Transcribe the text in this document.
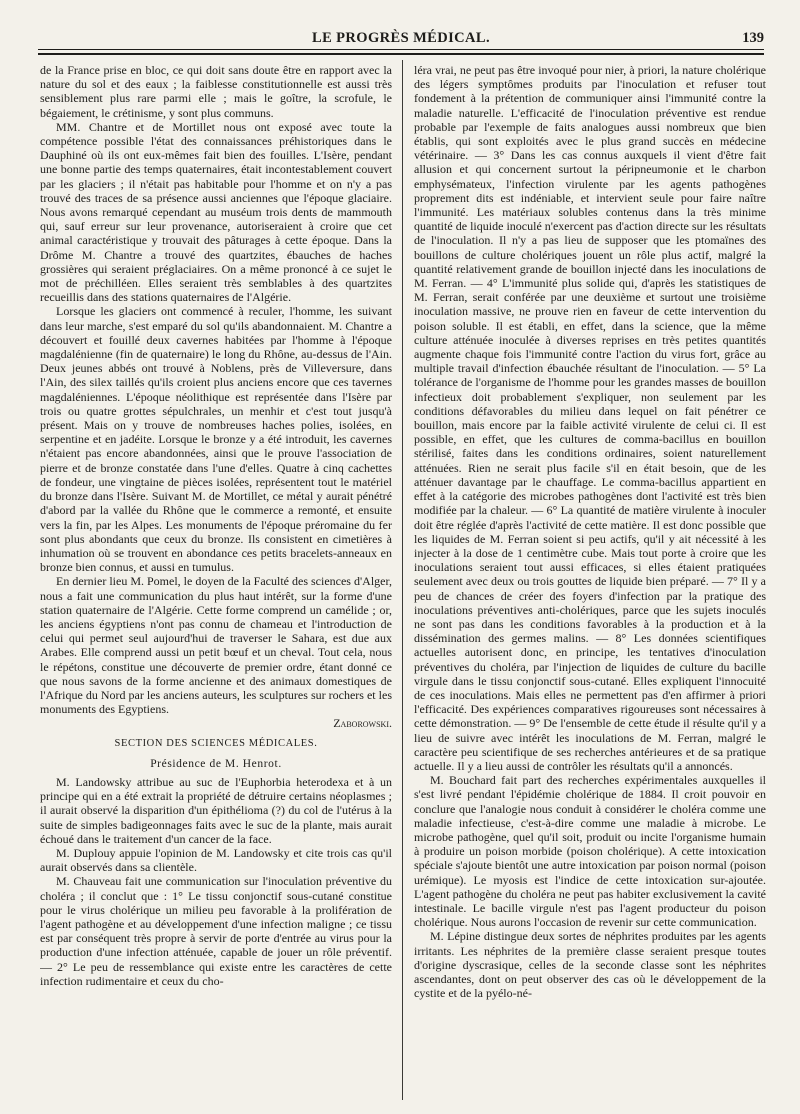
LE PROGRÈS MÉDICAL.	139

de la France prise en bloc, ce qui doit sans doute être en rapport avec la nature du sol et des eaux ; la faiblesse constitutionnelle est aussi très sensiblement plus rare parmi elle ; mais le goître, la scrofule, le bégaiement, le crétinisme, y sont plus communs.

MM. Chantre et de Mortillet nous ont exposé avec toute la compétence possible l'état des connaissances préhistoriques dans le Dauphiné où ils ont eux-mêmes fait bien des fouilles. L'Isère, pendant une bonne partie des temps quaternaires, était incontestablement couvert par les glaciers ; il n'était pas habitable pour l'homme et on n'y a pas trouvé des traces de sa présence aussi anciennes que l'époque glaciaire. Nous avons remarqué cependant au muséum trois dents de mammouth qui, sauf erreur sur leur provenance, autoriseraient à croire que cet animal caractéristique y trouvait des pâturages à cette époque. Dans la Drôme M. Chantre a trouvé des quartzites, ébauches de haches grossières qui seraient préglaciaires. On a même prononcé à ce sujet le mot de préchilléen. Elles seraient très semblables à des quartzites recueillis dans des stations quaternaires de l'Algérie.

Lorsque les glaciers ont commencé à reculer, l'homme, les suivant dans leur marche, s'est emparé du sol qu'ils abandonnaient. M. Chantre a découvert et fouillé deux cavernes habitées par l'homme à l'époque magdalénienne (fin de quaternaire) le long du Rhône, au-dessus de l'Ain. Deux jeunes abbés ont trouvé à Noblens, près de Villeversure, dans l'Ain, des silex taillés qu'ils croient plus anciens encore que ces tavernes magdaléniennes. L'époque néolithique est représentée dans l'Isère par trois ou quatre grottes sépulchrales, un menhir et c'est tout jusqu'à présent. Mais on y trouve de nombreuses haches polies, isolées, en serpentine et en jadéite. Lorsque le bronze y a été introduit, les cavernes n'étaient pas encore abandonnées, ainsi que le prouve l'association de pierre et de bronze constatée dans l'une d'elles. Quatre à cinq cachettes de fondeur, une vingtaine de pièces isolées, représentent tout le matériel du bronze dans l'Isère. Suivant M. de Mortillet, ce métal y aurait pénétré d'abord par la vallée du Rhône que le commerce a remonté, et ensuite vers la fin, par les Alpes. Les monuments de l'époque préromaine du fer sont plus abondants que ceux du bronze. Ils consistent en cimetières à inhumation où se trouvent en abondance ces petits bracelets-anneaux en bronze bien connus, et aussi en tumulus.

En dernier lieu M. Pomel, le doyen de la Faculté des sciences d'Alger, nous a fait une communication du plus haut intérêt, sur la forme d'une station quaternaire de l'Algérie. Cette forme comprend un camélide ; or, les anciens égyptiens n'ont pas connu de chameau et l'introduction de celui qui permet seul aujourd'hui de traverser le Sahara, est due aux Arabes. Elle comprend aussi un petit bœuf et un cheval. Tout cela, nous le répétons, constitue une découverte de premier ordre, étant donné ce que nous savons de la forme ancienne et des animaux domestiques de l'Afrique du Nord par les anciens auteurs, les sculptures sur rochers et les monuments des Egyptiens.

Zaborowski.

SECTION DES SCIENCES MÉDICALES.

Présidence de M. Henrot.

M. Landowsky attribue au suc de l'Euphorbia heterodexa et à un principe qui en a été extrait la propriété de détruire certains néoplasmes ; il aurait observé la disparition d'un épithélioma (?) du col de l'utérus à la suite de simples badigeonnages faits avec le suc de la plante, mais aurait échoué dans le traitement d'un cancer de la face.

M. Duplouy appuie l'opinion de M. Landowsky et cite trois cas qu'il aurait observés dans sa clientèle.

M. Chauveau fait une communication sur l'inoculation préventive du choléra ; il conclut que : 1° Le tissu conjonctif sous-cutané constitue pour le virus cholérique un milieu peu favorable à la prolifération de l'agent pathogène et au développement d'une infection maligne ; ce tissu est par conséquent très propre à servir de porte d'entrée au virus pour la production d'une infection atténuée, capable de jouer un rôle préventif. — 2° Le peu de ressemblance qui existe entre les caractères de cette infection rudimentaire et ceux du cho-

léra vrai, ne peut pas être invoqué pour nier, à priori, la nature cholérique des légers symptômes produits par l'inoculation et refuser tout fondement à la prétention de communiquer ainsi l'immunité contre la maladie naturelle. L'efficacité de l'inoculation préventive est rendue probable par l'exemple de faits analogues aussi nombreux que bien établis, qui sont exploités avec le plus grand succès en médecine vétérinaire. — 3° Dans les cas connus auxquels il vient d'être fait allusion et qui concernent surtout la péripneumonie et le charbon emphysémateux, l'infection virulente par les agents pathogènes proprement dits est indéniable, et intervient seule pour faire naître l'immunité. Les matériaux solubles contenus dans la très minime quantité de liquide inoculé n'exercent pas d'action directe sur les résultats de l'inoculation. Il n'y a pas lieu de supposer que les ptomaïnes des bouillons de culture cholériques jouent un rôle plus actif, malgré la quantité relativement grande de bouillon injecté dans les inoculations de M. Ferran. — 4° L'immunité plus solide qui, d'après les statistiques de M. Ferran, serait conférée par une deuxième et surtout une troisième inoculation massive, ne prouve rien en faveur de cette intervention du poison soluble. Il est établi, en effet, dans la science, que la même culture atténuée inoculée à diverses reprises en très petites quantités augmente chaque fois l'immunité contre l'action du virus fort, grâce au multiple travail d'infection ébauchée résultant de l'inoculation. — 5° La tolérance de l'organisme de l'homme pour les grandes masses de bouillon infectieux doit probablement s'expliquer, non seulement par les conditions défavorables du milieu dans lequel on fait pénétrer ce bouillon, mais encore par la faible activité virulente de celui ci. Il est possible, en effet, que les cultures de comma-bacillus en bouillon stérilisé, faites dans les conditions ordinaires, soient naturellement atténuées. Rien ne serait plus facile s'il en était besoin, que de les atténuer davantage par le chauffage. Le comma-bacillus appartient en effet à la catégorie des microbes pathogènes dont l'activité est très bien modifiée par la chaleur. — 6° La quantité de matière virulente à inoculer doit être réglée d'après l'activité de cette matière. Il est donc possible que les liquides de M. Ferran soient si peu actifs, qu'il y ait nécessité à les injecter à la dose de 1 centimètre cube. Mais tout porte à croire que les inoculations seraient tout aussi efficaces, si elles étaient pratiquées seulement avec deux ou trois gouttes de liquide bien préparé. — 7° Il y a peu de chances de créer des foyers d'infection par la pratique des inoculations préventives anti-cholériques, parce que les sujets inoculés ne sont pas dans les conditions favorables à la production et à la dissémination des germes malins. — 8° Les données scientifiques actuelles autorisent donc, en principe, les tentatives d'inoculation préventives du choléra, par l'injection de liquides de culture du bacille virgule dans le tissu conjonctif sous-cutané. Elles expliquent l'innocuité de ces inoculations. Mais elles ne permettent pas d'en affirmer à priori l'efficacité. Des expériences comparatives rigoureuses sont nécessaires à cette démonstration. — 9° De l'ensemble de cette étude il résulte qu'il y a lieu de suivre avec intérêt les inoculations de M. Ferran, malgré le caractère peu scientifique de ses recherches antérieures et de sa pratique actuelle. Il y a lieu aussi de contrôler les résultats qu'il a annoncés.

M. Bouchard fait part des recherches expérimentales auxquelles il s'est livré pendant l'épidémie cholérique de 1884. Il croit pouvoir en conclure que l'analogie nous conduit à considérer le choléra comme une maladie infectieuse, c'est-à-dire comme une maladie à microbe. Le microbe pathogène, quel qu'il soit, produit ou incite l'organisme humain à produire un poison morbide (poison cholérique). A cette intoxication spéciale s'ajoute bientôt une autre intoxication par poison normal (poison urémique). Le myosis est l'indice de cette intoxication sur-ajoutée. L'agent pathogène du choléra ne peut pas habiter exclusivement la cavité intestinale. Le bacille virgule n'est pas l'agent producteur du poison cholérique. Nous aurons l'occasion de revenir sur cette communication.

M. Lépine distingue deux sortes de néphrites produites par les agents irritants. Les néphrites de la première classe seraient presque toutes d'origine dyscrasique, celles de la seconde classe sont les néphrites ascendantes, dont on peut observer des cas où le développement de la cystite et de la pyélo-né-
